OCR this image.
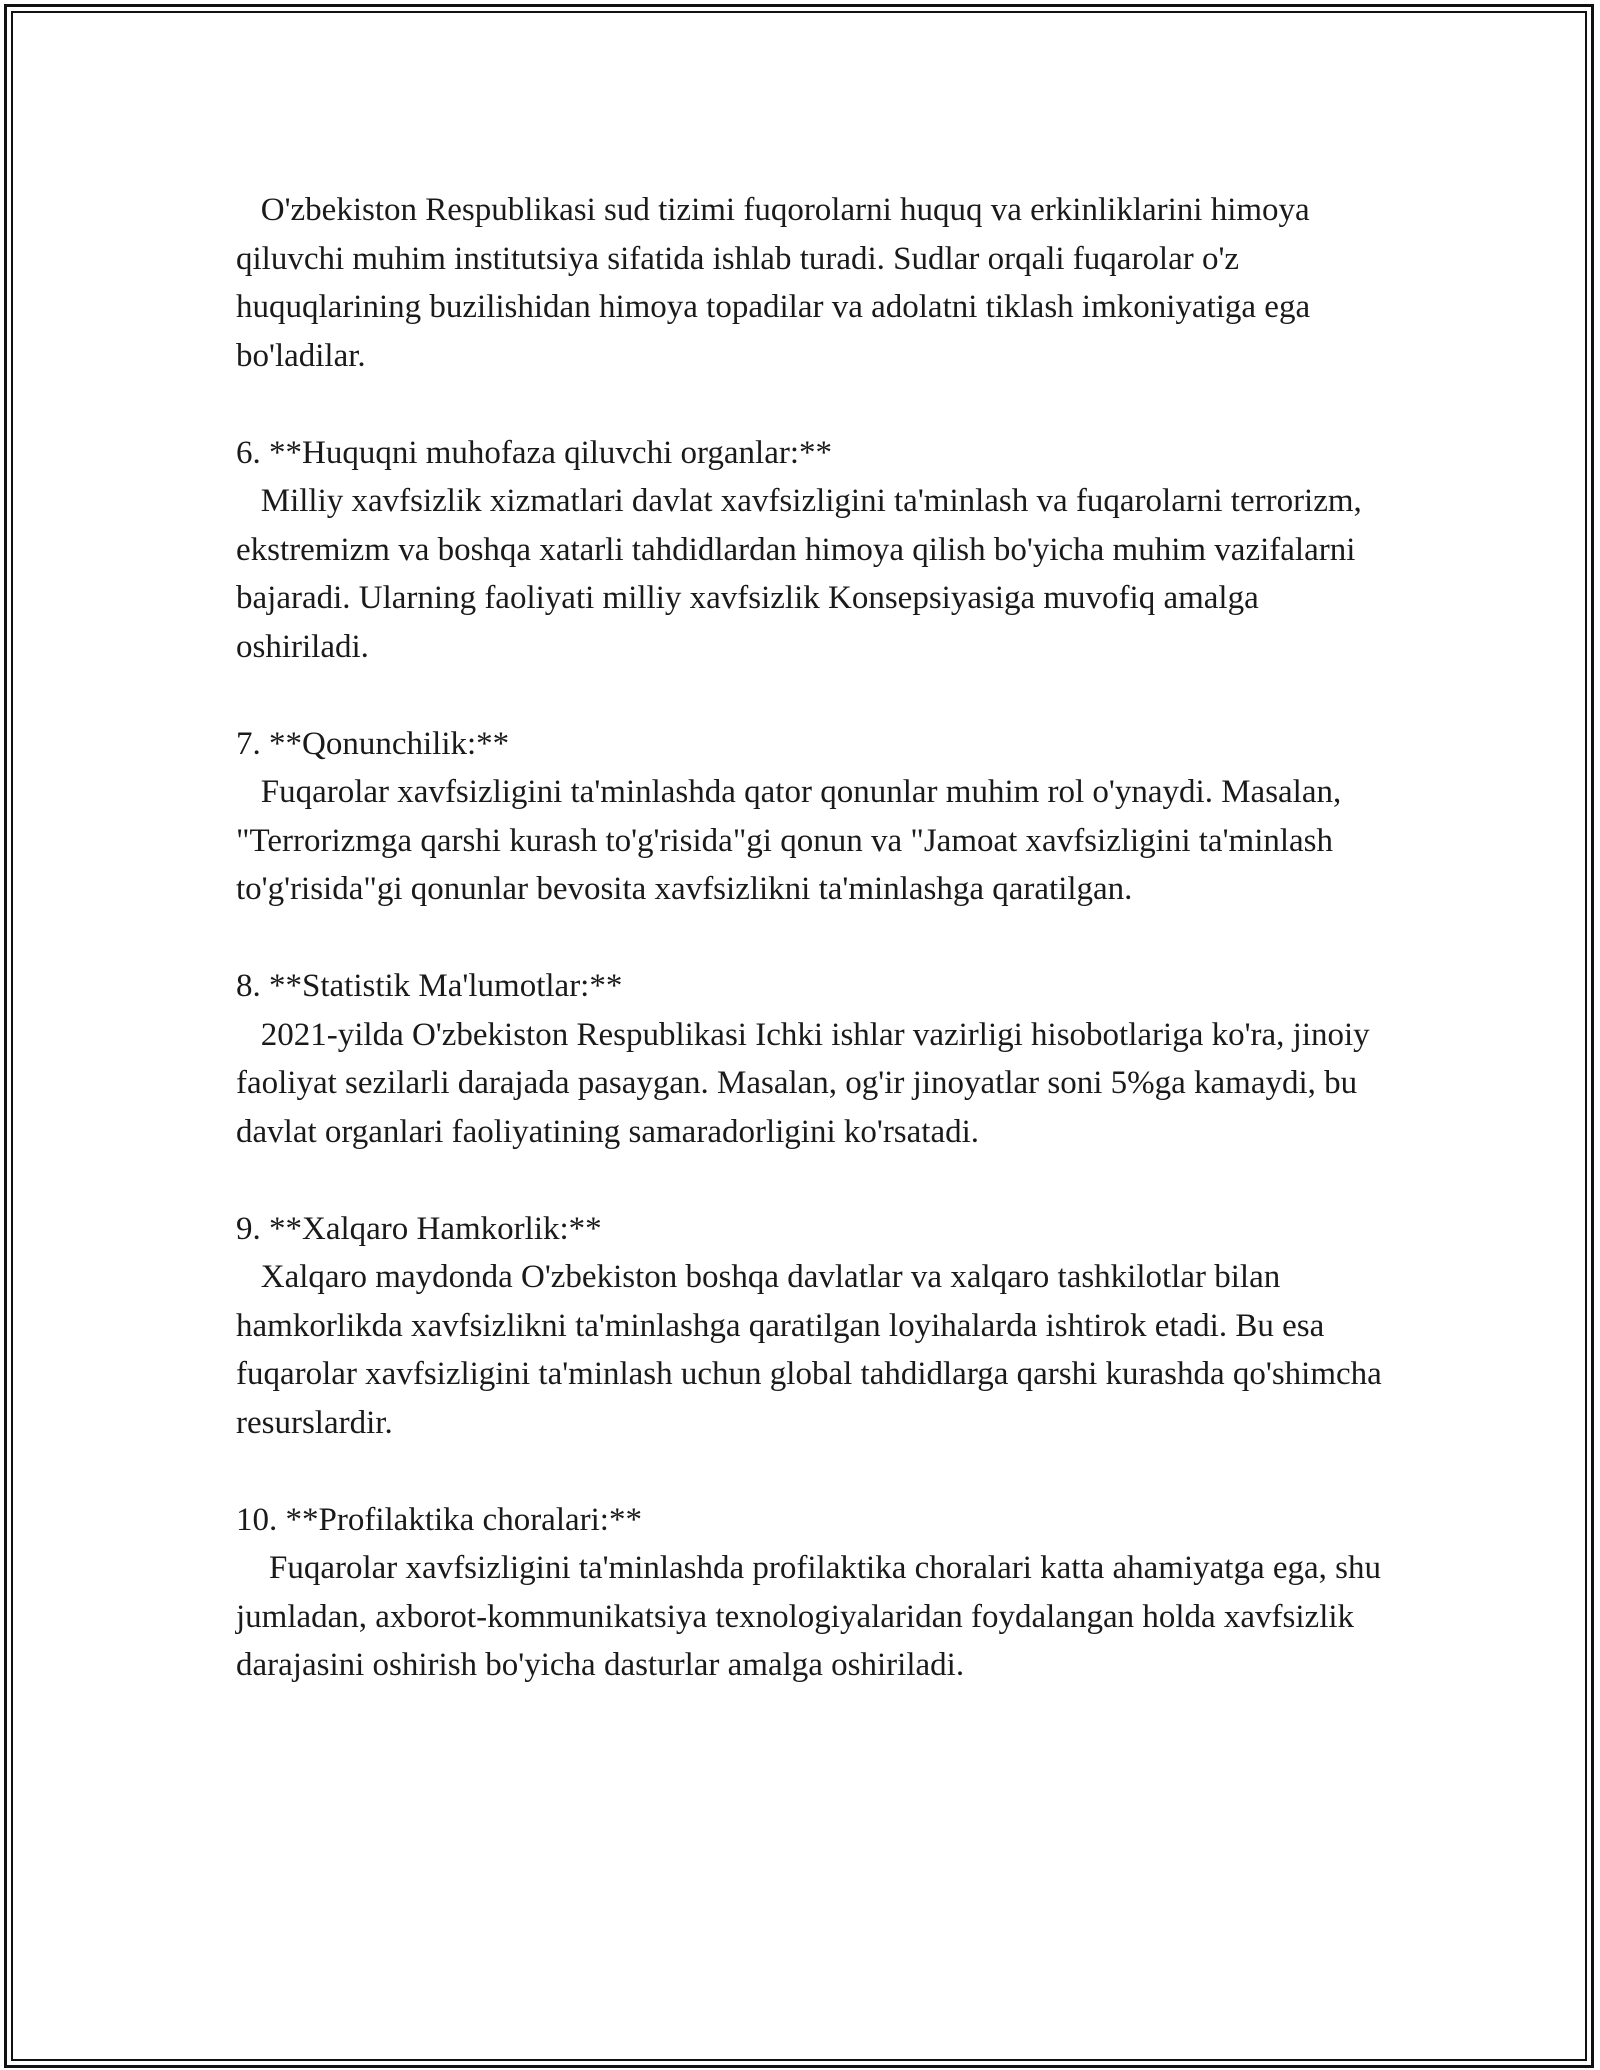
O'zbekiston Respublikasi sud tizimi fuqorolarni huquq va erkinliklarini himoya qiluvchi muhim institutsiya sifatida ishlab turadi. Sudlar orqali fuqarolar o'z huquqlarining buzilishidan himoya topadilar va adolatni tiklash imkoniyatiga ega bo'ladilar.
6. **Huquqni muhofaza qiluvchi organlar:**
Milliy xavfsizlik xizmatlari davlat xavfsizligini ta'minlash va fuqarolarni terrorizm, ekstremizm va boshqa xatarli tahdidlardan himoya qilish bo'yicha muhim vazifalarni bajaradi. Ularning faoliyati milliy xavfsizlik Konsepsiyasiga muvofiq amalga oshiriladi.
7. **Qonunchilik:**
Fuqarolar xavfsizligini ta'minlashda qator qonunlar muhim rol o'ynaydi. Masalan, "Terrorizmga qarshi kurash to'g'risida"gi qonun va "Jamoat xavfsizligini ta'minlash to'g'risida"gi qonunlar bevosita xavfsizlikni ta'minlashga qaratilgan.
8. **Statistik Ma'lumotlar:**
2021-yilda O'zbekiston Respublikasi Ichki ishlar vazirligi hisobotlariga ko'ra, jinoiy faoliyat sezilarli darajada pasaygan. Masalan, og'ir jinoyatlar soni 5%ga kamaydi, bu davlat organlari faoliyatining samaradorligini ko'rsatadi.
9. **Xalqaro Hamkorlik:**
Xalqaro maydonda O'zbekiston boshqa davlatlar va xalqaro tashkilotlar bilan hamkorlikda xavfsizlikni ta'minlashga qaratilgan loyihalarda ishtirok etadi. Bu esa fuqarolar xavfsizligini ta'minlash uchun global tahdidlarga qarshi kurashda qo'shimcha resurslardir.
10. **Profilaktika choralari:**
Fuqarolar xavfsizligini ta'minlashda profilaktika choralari katta ahamiyatga ega, shu jumladan, axborot-kommunikatsiya texnologiyalaridan foydalangan holda xavfsizlik darajasini oshirish bo'yicha dasturlar amalga oshiriladi.
